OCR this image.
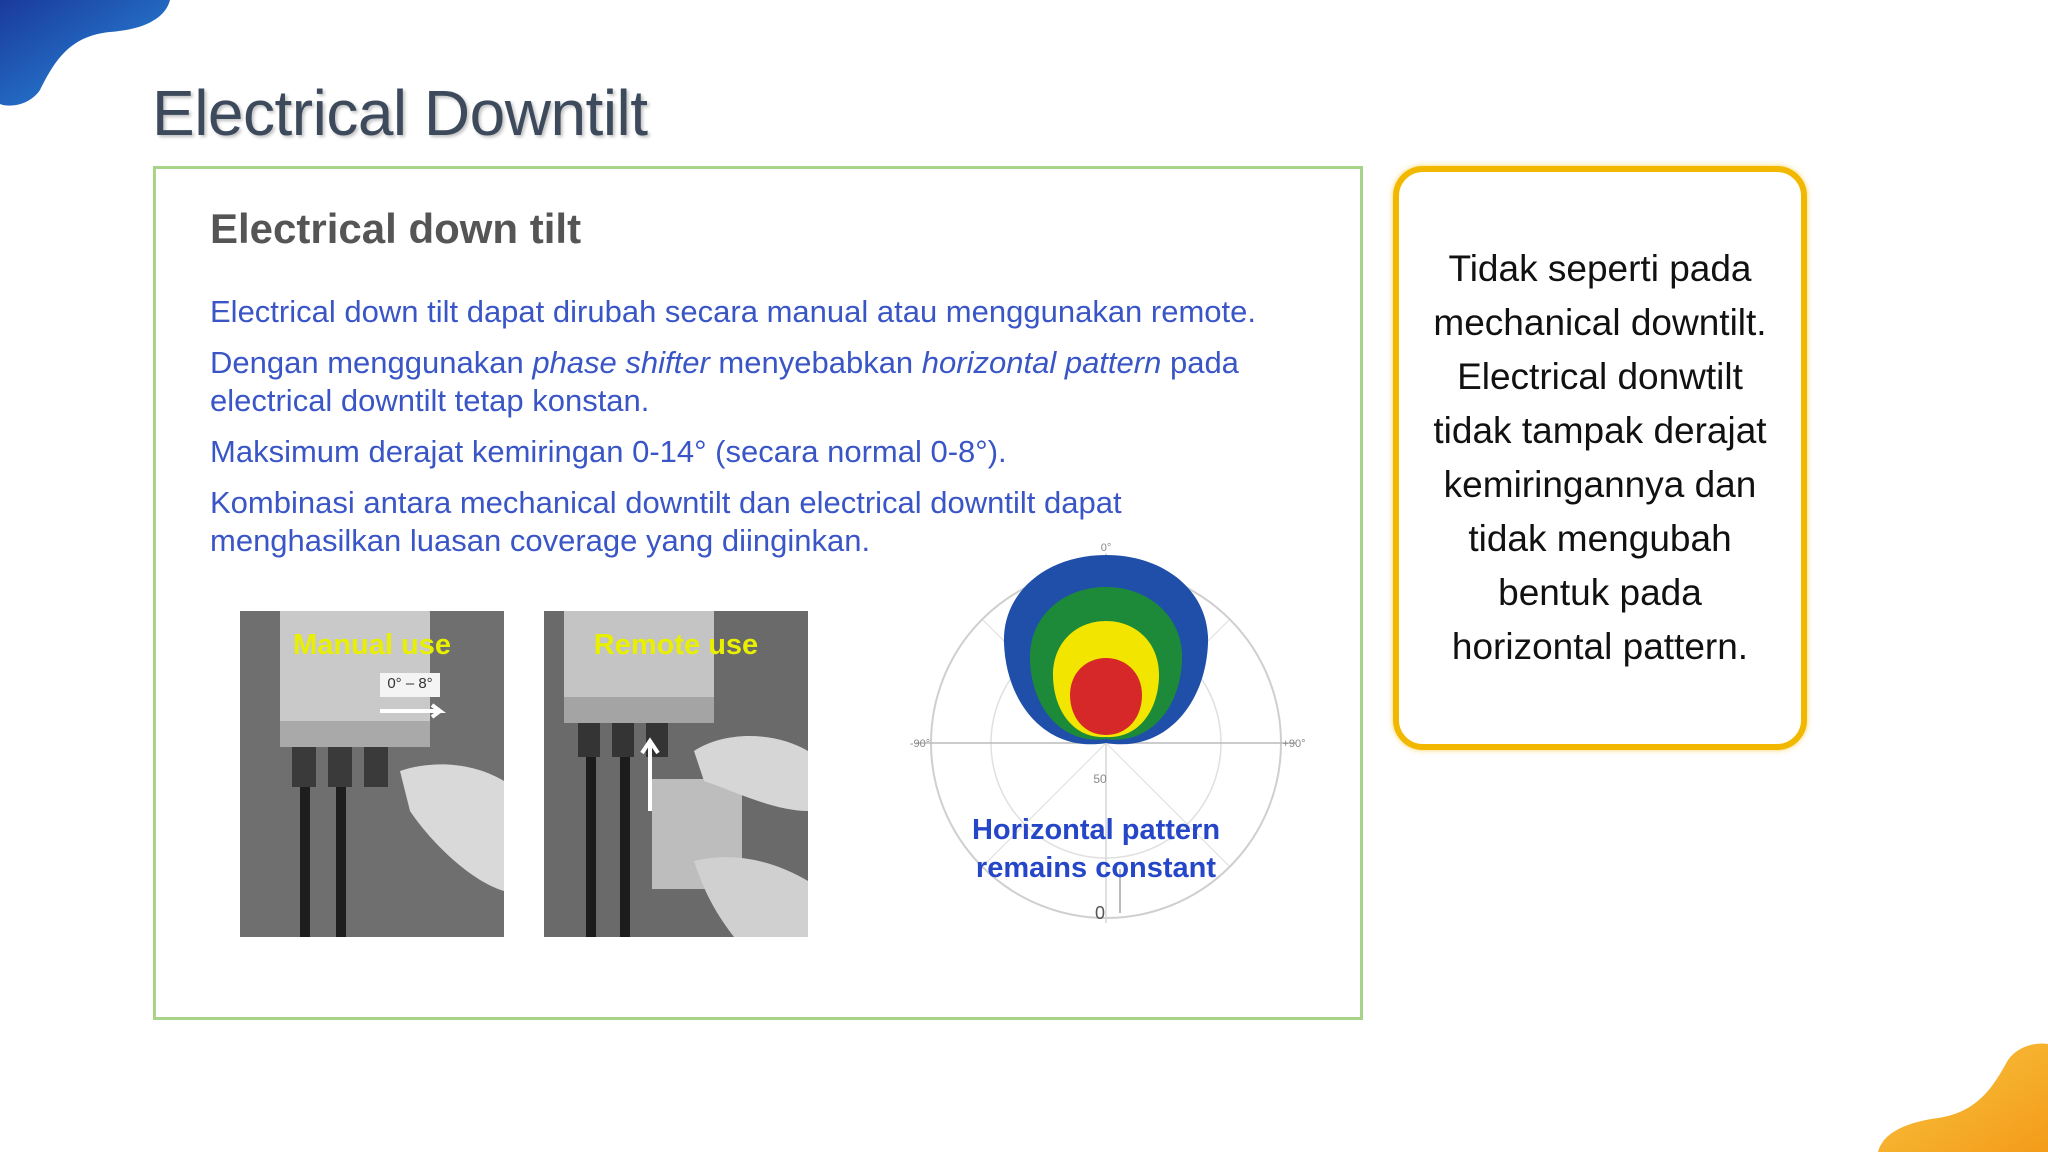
Electrical Downtilt
Electrical down tilt

Electrical down tilt dapat dirubah secara manual atau menggunakan remote.

Dengan menggunakan phase shifter menyebabkan horizontal pattern pada electrical downtilt tetap konstan.

Maksimum derajat kemiringan 0-14° (secara normal 0-8°).

Kombinasi antara mechanical downtilt dan electrical downtilt dapat menghasilkan luasan coverage yang diinginkan.

Manual use
0° – 8°
Remote use
0°
-90°	+90°
50
0
Horizontal pattern
remains constant

Tidak seperti pada mechanical downtilt. Electrical donwtilt tidak tampak derajat kemiringannya dan tidak mengubah bentuk pada horizontal pattern.
